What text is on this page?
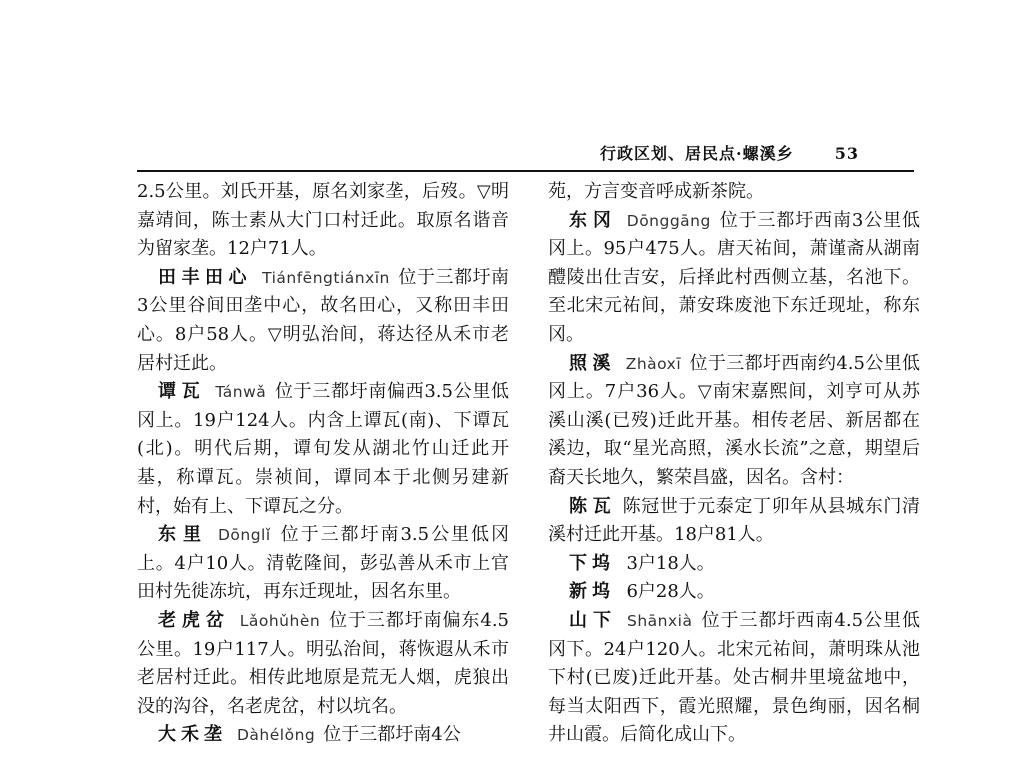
行政区划、居民点·螺溪乡	53

2.5公里。刘氏开基，原名刘家垄，后歿。▽明嘉靖间，陈士素从大门口村迁此。取原名谐音为留家垄。12户71人。

田丰田心 Tiánfēngtiánxīn 位于三都圩南3公里谷间田垄中心，故名田心，又称田丰田心。8户58人。▽明弘治间，蒋达径从禾市老居村迁此。

谭瓦 Tánwǎ 位于三都圩南偏西3.5公里低冈上。19户124人。内含上谭瓦(南)、下谭瓦(北)。明代后期，谭旬发从湖北竹山迁此开基，称谭瓦。崇祯间，谭同本于北侧另建新村，始有上、下谭瓦之分。

东里 Dōnglǐ 位于三都圩南3.5公里低冈上。4户10人。清乾隆间，彭弘善从禾市上官田村先徙冻坑，再东迁现址，因名东里。

老虎岔 Lǎohǔhèn 位于三都圩南偏东4.5公里。19户117人。明弘治间，蒋恢遐从禾市老居村迁此。相传此地原是荒无人烟，虎狼出没的沟谷，名老虎岔，村以坑名。

大禾垄 Dàhélǒng 位于三都圩南4公

苑，方言变音呼成新茶院。

东冈 Dōnggāng 位于三都圩西南3公里低冈上。95户475人。唐天祐间，萧谨斋从湖南醴陵出仕吉安，后择此村西侧立基，名池下。至北宋元祐间，萧安珠废池下东迁现址，称东冈。

照溪 Zhàoxī 位于三都圩西南约4.5公里低冈上。7户36人。▽南宋嘉熙间，刘亨可从苏溪山溪(已歿)迁此开基。相传老居、新居都在溪边，取“星光高照，溪水长流”之意，期望后裔天长地久，繁荣昌盛，因名。含村：

陈瓦 陈冠世于元泰定丁卯年从县城东门清溪村迁此开基。18户81人。

下坞 3户18人。

新坞 6户28人。

山下 Shānxià 位于三都圩西南4.5公里低冈下。24户120人。北宋元祐间，萧明珠从池下村(已废)迁此开基。处古桐井里境盆地中，每当太阳西下，霞光照耀，景色绚丽，因名桐井山霞。后简化成山下。
